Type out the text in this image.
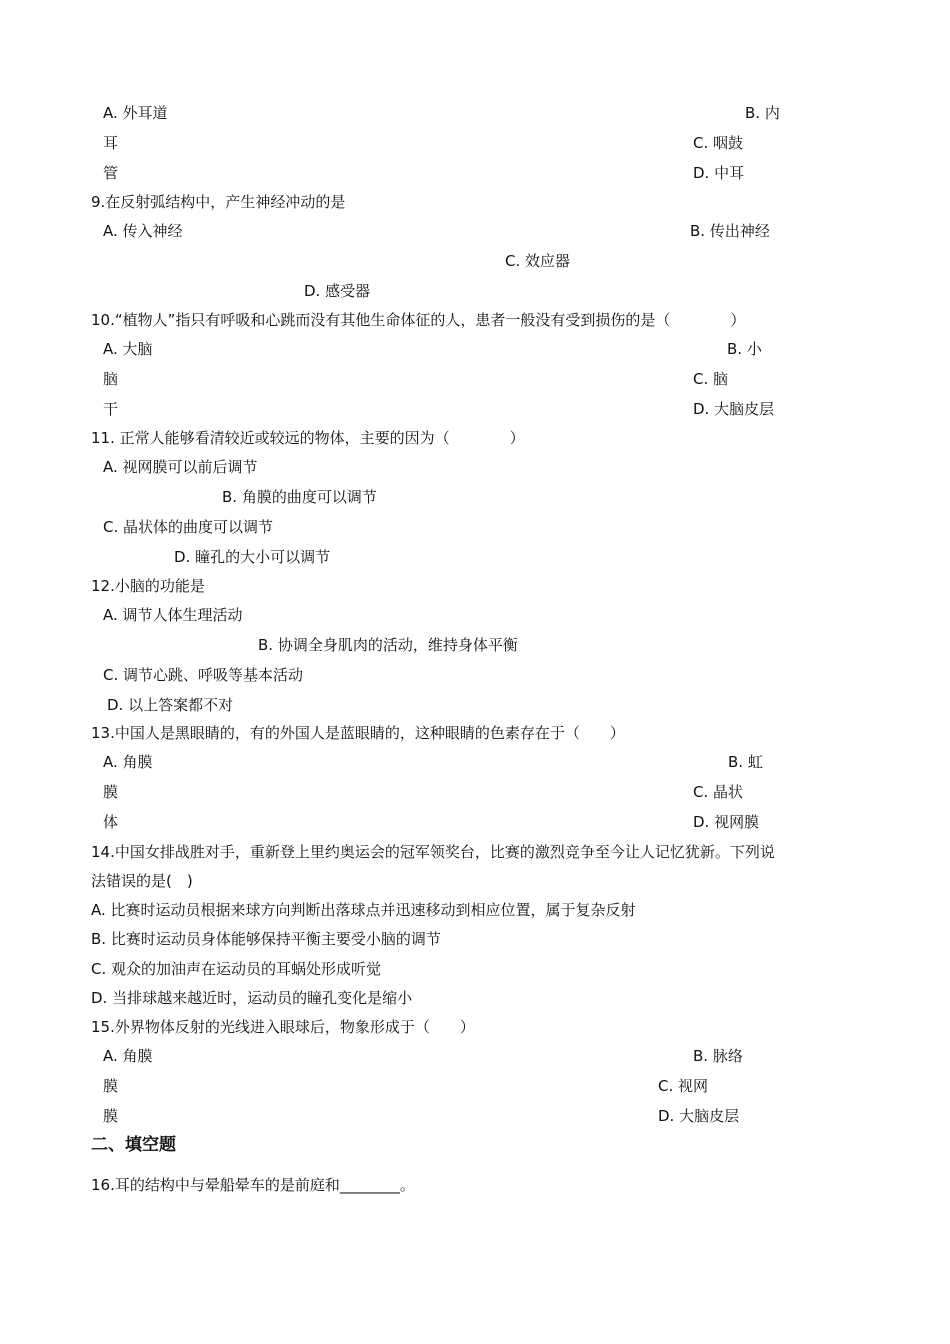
A. 外耳道	B. 内
耳	C. 咽鼓
管	D. 中耳
9.在反射弧结构中，产生神经冲动的是
A. 传入神经	B. 传出神经
C. 效应器
D. 感受器
10.“植物人”指只有呼吸和心跳而没有其他生命体征的人，患者一般没有受到损伤的是（　　　　）
A. 大脑	B. 小
脑	C. 脑
干	D. 大脑皮层
11. 正常人能够看清较近或较远的物体，主要的因为（　　　　）
A. 视网膜可以前后调节
B. 角膜的曲度可以调节
C. 晶状体的曲度可以调节
D. 瞳孔的大小可以调节
12.小脑的功能是
A. 调节人体生理活动
B. 协调全身肌肉的活动，维持身体平衡
C. 调节心跳、呼吸等基本活动
D. 以上答案都不对
13.中国人是黑眼睛的，有的外国人是蓝眼睛的，这种眼睛的色素存在于（　　）
A. 角膜	B. 虹
膜	C. 晶状
体	D. 视网膜
14.中国女排战胜对手，重新登上里约奥运会的冠军领奖台，比赛的激烈竞争至今让人记忆犹新。下列说
法错误的是(　)
A. 比赛时运动员根据来球方向判断出落球点并迅速移动到相应位置，属于复杂反射
B. 比赛时运动员身体能够保持平衡主要受小脑的调节
C. 观众的加油声在运动员的耳蜗处形成听觉
D. 当排球越来越近时，运动员的瞳孔变化是缩小
15.外界物体反射的光线进入眼球后，物象形成于（　　）
A. 角膜	B. 脉络
膜	C. 视网
膜	D. 大脑皮层
二、填空题
16.耳的结构中与晕船晕车的是前庭和________。
